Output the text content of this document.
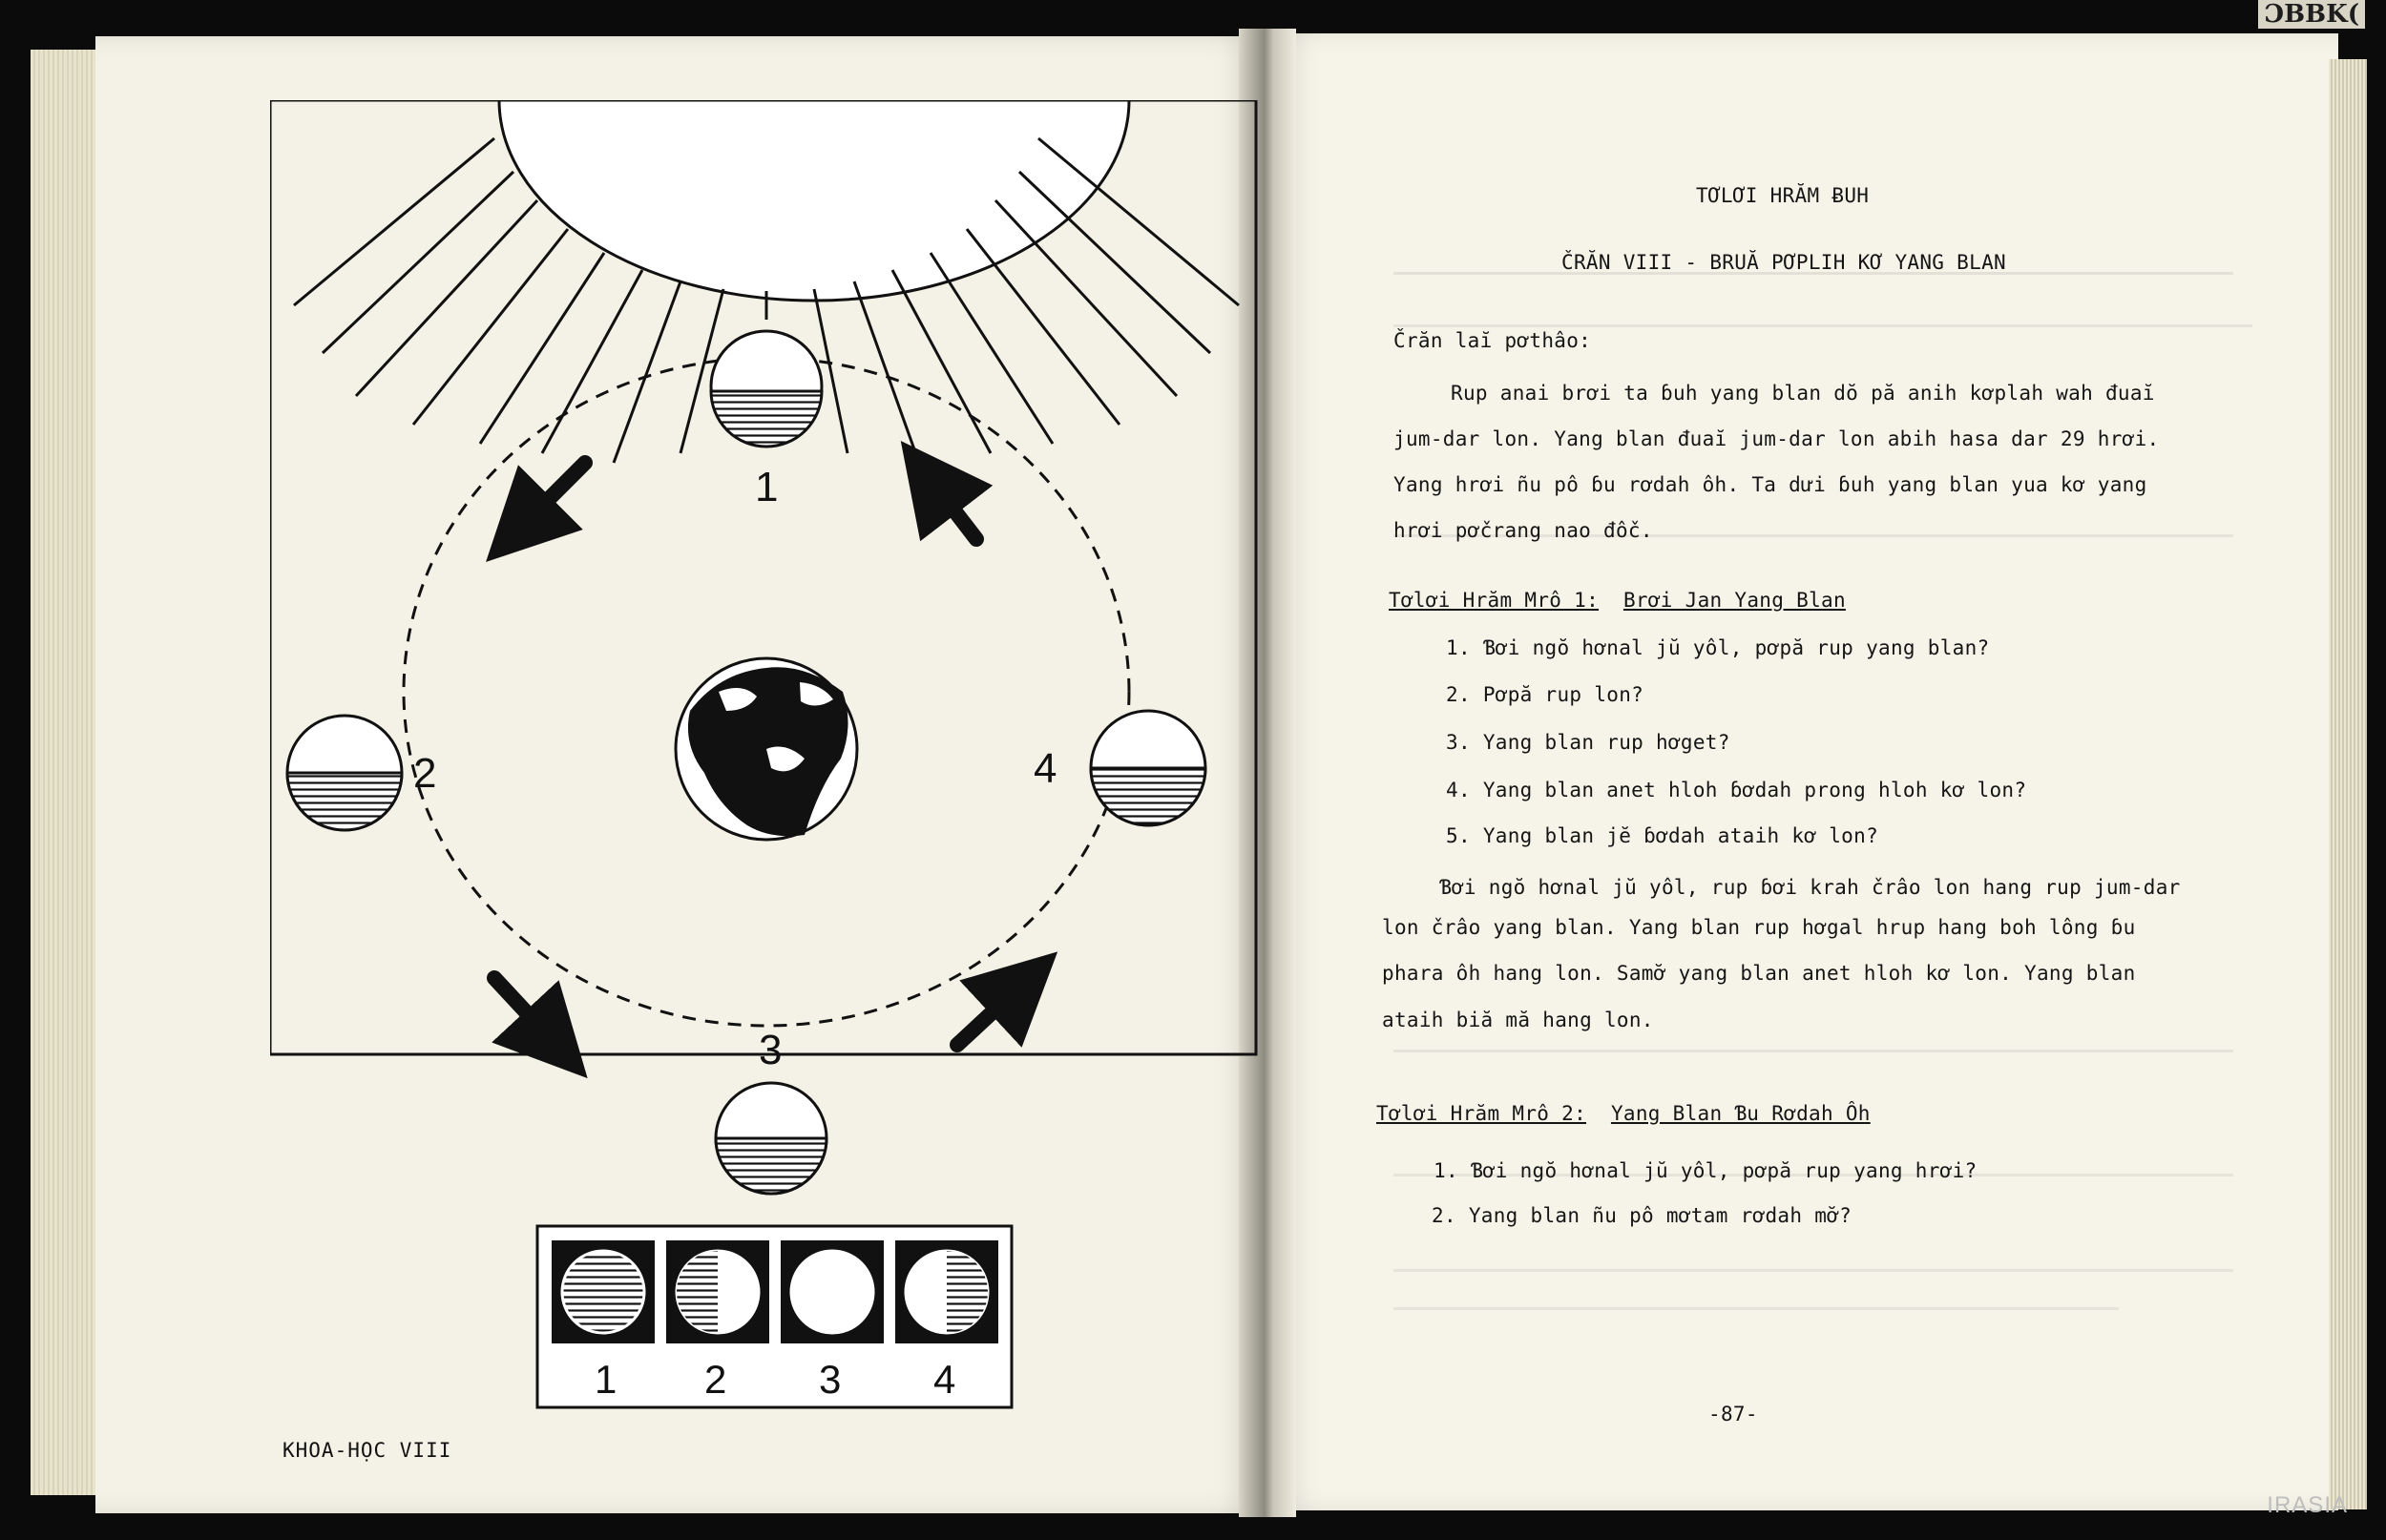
ƆBBK(
1
2	4
3
1 2 3 4
KHOA-HỌC VIII
TƠLƠI HRĂM ɃUH
ČRĂN VIII - BRUĂ PƠPLIH KƠ YANG BLAN
Črăn laĭ pơthâo:
Rup anai brơi ta ɓuh yang blan dŏ pă anih kơplah wah đuaĭ
jum-dar lon. Yang blan đuaĭ jum-dar lon abih hasa dar 29 hrơi.
Yang hrơi ñu pô ɓu rơdah ôh. Ta dưi ɓuh yang blan yua kơ yang
hrơi pơčrang nao đôč.
Tơlơi Hrăm Mrô 1: Brơi Jan Yang Blan
1. Ɓơi ngŏ hơnal jŭ yôl, pơpă rup yang blan?
2. Pơpă rup lon?
3. Yang blan rup hơget?
4. Yang blan anet hloh ɓơdah prong hloh kơ lon?
5. Yang blan jĕ ɓơdah ataih kơ lon?
Ɓơi ngŏ hơnal jŭ yôl, rup ɓơi krah črâo lon hang rup jum-dar
lon črâo yang blan. Yang blan rup hơgal hrup hang boh lông ɓu
phara ôh hang lon. Samơ̆ yang blan anet hloh kơ lon. Yang blan
ataih biă mă hang lon.
Tơlơi Hrăm Mrô 2: Yang Blan Ɓu Rơdah Ôh
1. Ɓơi ngŏ hơnal jŭ yôl, pơpă rup yang hrơi?
2. Yang blan ñu pô mơtam rơdah mơ̆?
-87-
IRASIA
